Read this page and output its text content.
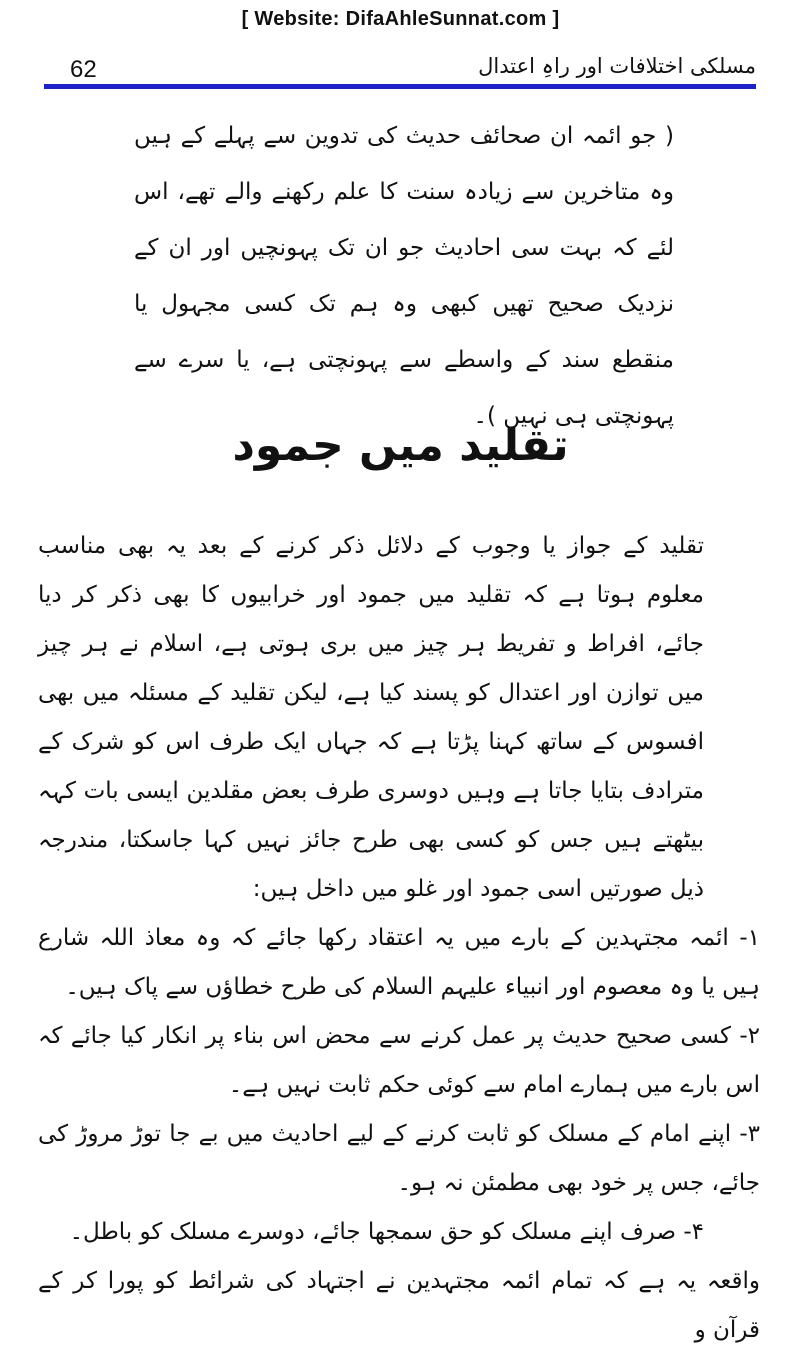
[ Website: DifaAhleSunnat.com ]
62	مسلکی اختلافات اور راہِ اعتدال
( جو ائمہ ان صحائف حدیث کی تدوین سے پہلے کے ہیں وہ متاخرین سے زیادہ سنت کا علم رکھنے والے تھے، اس لئے کہ بہت سی احادیث جو ان تک پہونچیں اور ان کے نزدیک صحیح تھیں کبھی وہ ہم تک کسی مجہول یا منقطع سند کے واسطے سے پہونچتی ہے، یا سرے سے پہونچتی ہی نہیں )۔
تقلید میں جمود

تقلید کے جواز یا وجوب کے دلائل ذکر کرنے کے بعد یہ بھی مناسب معلوم ہوتا ہے کہ تقلید میں جمود اور خرابیوں کا بھی ذکر کر دیا جائے، افراط و تفریط ہر چیز میں بری ہوتی ہے، اسلام نے ہر چیز میں توازن اور اعتدال کو پسند کیا ہے، لیکن تقلید کے مسئلہ میں بھی افسوس کے ساتھ کہنا پڑتا ہے کہ جہاں ایک طرف اس کو شرک کے مترادف بتایا جاتا ہے وہیں دوسری طرف بعض مقلدین ایسی بات کہہ بیٹھتے ہیں جس کو کسی بھی طرح جائز نہیں کہا جاسکتا، مندرجہ ذیل صورتیں اسی جمود اور غلو میں داخل ہیں:

۱- ائمہ مجتہدین کے بارے میں یہ اعتقاد رکھا جائے کہ وہ معاذ اللہ شارع ہیں یا وہ معصوم اور انبیاء علیہم السلام کی طرح خطاؤں سے پاک ہیں۔

۲- کسی صحیح حدیث پر عمل کرنے سے محض اس بناء پر انکار کیا جائے کہ اس بارے میں ہمارے امام سے کوئی حکم ثابت نہیں ہے۔

۳- اپنے امام کے مسلک کو ثابت کرنے کے لیے احادیث میں بے جا توڑ مروڑ کی جائے، جس پر خود بھی مطمئن نہ ہو۔

۴- صرف اپنے مسلک کو حق سمجھا جائے، دوسرے مسلک کو باطل۔

واقعہ یہ ہے کہ تمام ائمہ مجتہدین نے اجتہاد کی شرائط کو پورا کر کے قرآن و
